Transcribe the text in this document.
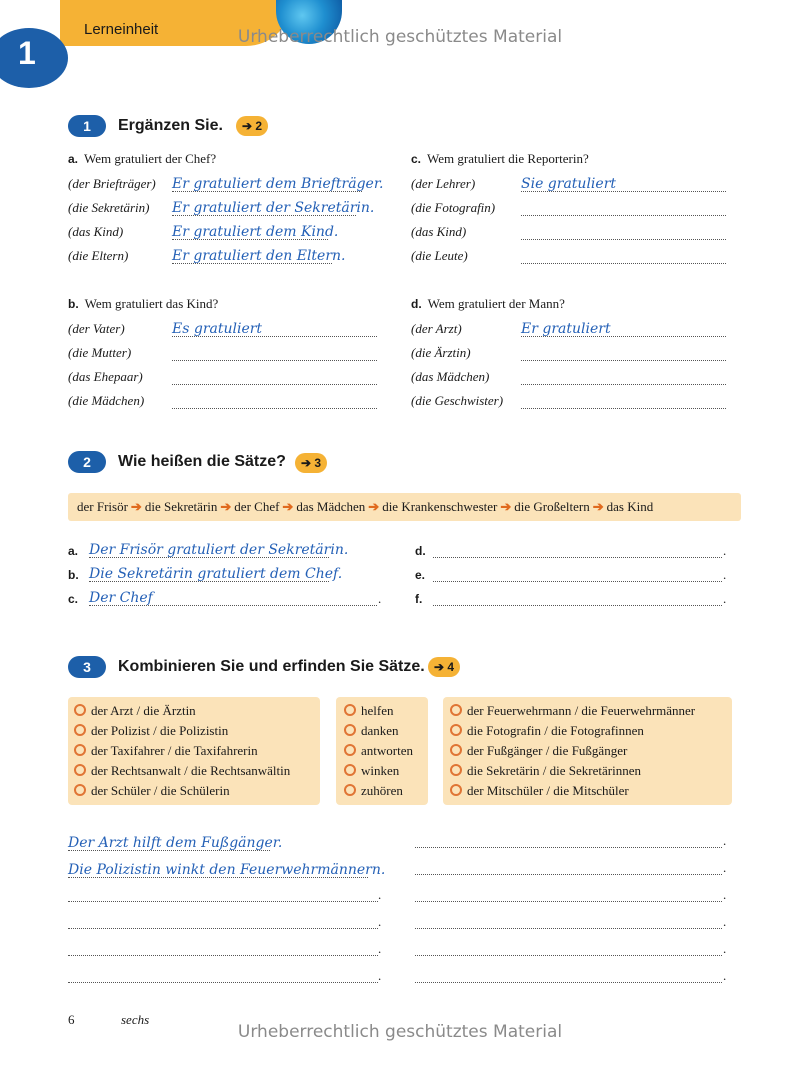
Lerneinheit	Urheberrechtlich geschütztes Material
1
1	Ergänzen Sie.	➔ 2
a. Wem gratuliert der Chef?
(der Briefträger) Er gratuliert dem Briefträger.
(die Sekretärin) Er gratuliert der Sekretärin.
(das Kind)	Er gratuliert dem Kind.
(die Eltern)	Er gratuliert den Eltern.
c. Wem gratuliert die Reporterin?
(der Lehrer)	Sie gratuliert
(die Fotografin)
(das Kind)
(die Leute)
b. Wem gratuliert das Kind?
(der Vater)	Es gratuliert
(die Mutter)
(das Ehepaar)
(die Mädchen)
d. Wem gratuliert der Mann?
(der Arzt)	Er gratuliert
(die Ärztin)
(das Mädchen)
(die Geschwister)
2	Wie heißen die Sätze?	➔ 3
der Frisör ➔ die Sekretärin ➔ der Chef ➔ das Mädchen ➔ die Krankenschwester ➔ die Großeltern ➔ das Kind
a. Der Frisör gratuliert der Sekretärin.
b. Die Sekretärin gratuliert dem Chef.
c. Der Chef	.
d.	.
e.	.
f.	.
3	Kombinieren Sie und erfinden Sie Sätze. ➔ 4
der Arzt / die Ärztin
der Polizist / die Polizistin
der Taxifahrer / die Taxifahrerin
der Rechtsanwalt / die Rechtsanwältin
der Schüler / die Schülerin
helfen
danken
antworten
winken
zuhören
der Feuerwehrmann / die Feuerwehrmänner
die Fotografin / die Fotografinnen
der Fußgänger / die Fußgänger
die Sekretärin / die Sekretärinnen
der Mitschüler / die Mitschüler
Der Arzt hilft dem Fußgänger.
Die Polizistin winkt den Feuerwehrmännern.
.
.
.
.
.
.
.
.
.
.
6	sechs
Urheberrechtlich geschütztes Material
